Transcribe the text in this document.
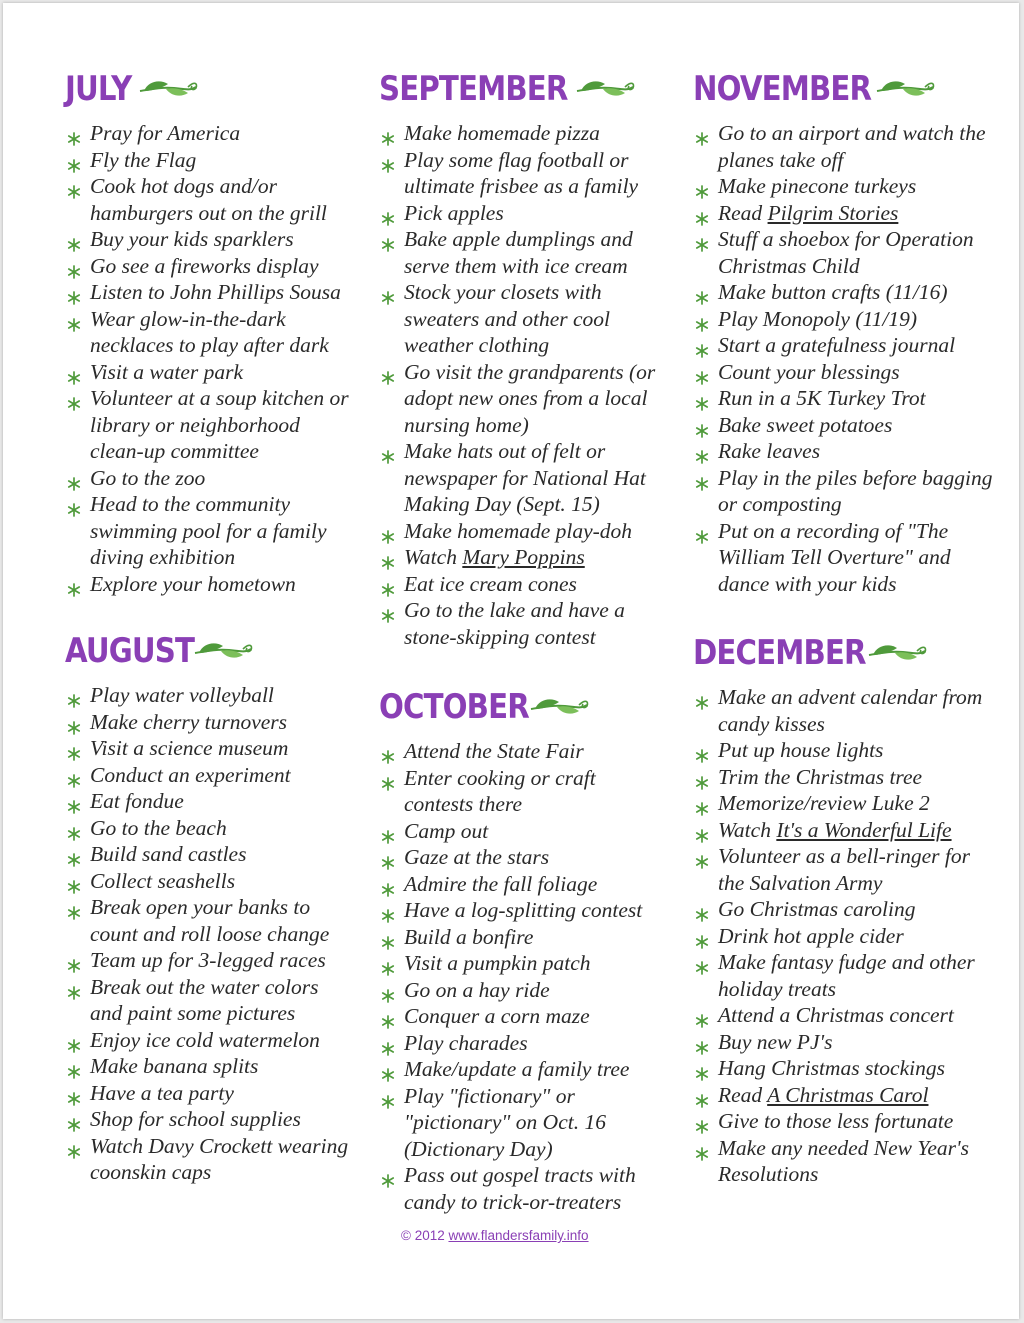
JULY
Pray for America
Fly the Flag
Cook hot dogs and/or hamburgers out on the grill
Buy your kids sparklers
Go see a fireworks display
Listen to John Phillips Sousa
Wear glow-in-the-dark necklaces to play after dark
Visit a water park
Volunteer at a soup kitchen or library or neighborhood clean-up committee
Go to the zoo
Head to the community swimming pool for a family diving exhibition
Explore your hometown
AUGUST
Play water volleyball
Make cherry turnovers
Visit a science museum
Conduct an experiment
Eat fondue
Go to the beach
Build sand castles
Collect seashells
Break open your banks to count and roll loose change
Team up for 3-legged races
Break out the water colors and paint some pictures
Enjoy ice cold watermelon
Make banana splits
Have a tea party
Shop for school supplies
Watch Davy Crockett wearing coonskin caps
SEPTEMBER
Make homemade pizza
Play some flag football or ultimate frisbee as a family
Pick apples
Bake apple dumplings and serve them with ice cream
Stock your closets with sweaters and other cool weather clothing
Go visit the grandparents (or adopt new ones from a local nursing home)
Make hats out of felt or newspaper for National Hat Making Day (Sept. 15)
Make homemade play-doh
Watch Mary Poppins
Eat ice cream cones
Go to the lake and have a stone-skipping contest
OCTOBER
Attend the State Fair
Enter cooking or craft contests there
Camp out
Gaze at the stars
Admire the fall foliage
Have a log-splitting contest
Build a bonfire
Visit a pumpkin patch
Go on a hay ride
Conquer a corn maze
Play charades
Make/update a family tree
Play "fictionary" or "pictionary" on Oct. 16 (Dictionary Day)
Pass out gospel tracts with candy to trick-or-treaters
NOVEMBER
Go to an airport and watch the planes take off
Make pinecone turkeys
Read Pilgrim Stories
Stuff a shoebox for Operation Christmas Child
Make button crafts (11/16)
Play Monopoly (11/19)
Start a gratefulness journal
Count your blessings
Run in a 5K Turkey Trot
Bake sweet potatoes
Rake leaves
Play in the piles before bagging or composting
Put on a recording of "The William Tell Overture" and dance with your kids
DECEMBER
Make an advent calendar from candy kisses
Put up house lights
Trim the Christmas tree
Memorize/review Luke 2
Watch It's a Wonderful Life
Volunteer as a bell-ringer for the Salvation Army
Go Christmas caroling
Drink hot apple cider
Make fantasy fudge and other holiday treats
Attend a Christmas concert
Buy new PJ's
Hang Christmas stockings
Read A Christmas Carol
Give to those less fortunate
Make any needed New Year's Resolutions
© 2012 www.flandersfamily.info
